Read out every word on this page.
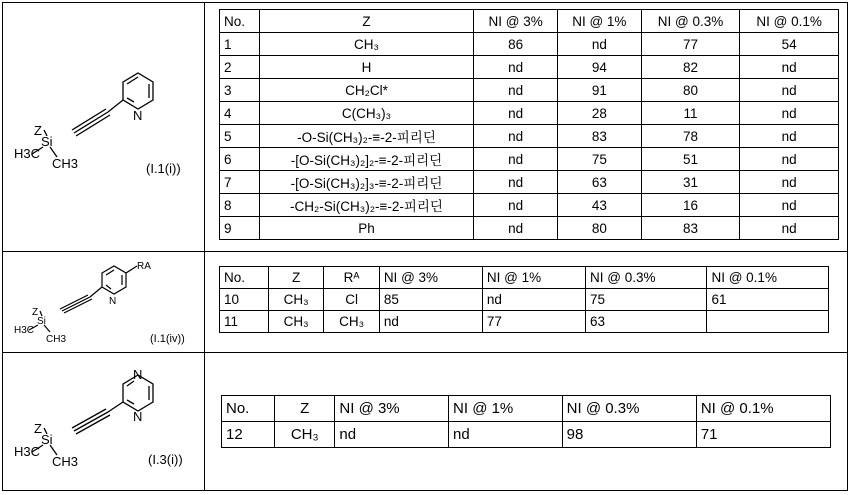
N
Z
Si
H3C
CH3	(I.1(i))
No.	Z	NI @ 3%	NI @ 1%	NI @ 0.3%	NI @ 0.1%
1	CH₃	86	nd	77	54
2	H	nd	94	82	nd
3	CH₂Cl*	nd	91	80	nd
4	C(CH₃)₃	nd	28	11	nd
5	-O-Si(CH₃)₂-≡-2-피리딘	nd	83	78	nd
6	-[O-Si(CH₃)₂]₂-≡-2-피리딘	nd	75	51	nd
7	-[O-Si(CH₃)₂]₃-≡-2-피리딘	nd	63	31	nd
8	-CH₂-Si(CH₃)₂-≡-2-피리딘	nd	43	16	nd
9	Ph	nd	80	83	nd
N
RA
Z
Si
H3C
CH3	(I.1(iv))
No.	Z	Rᴬ	NI @ 3%	NI @ 1%	NI @ 0.3%	NI @ 0.1%
10	CH₃	Cl	85	nd	75	61
11	CH₃	CH₃	nd	77	63	
N
N
Z
Si
H3C
CH3	(I.3(i))
No.	Z	NI @ 3%	NI @ 1%	NI @ 0.3%	NI @ 0.1%
12	CH₃	nd	nd	98	71
